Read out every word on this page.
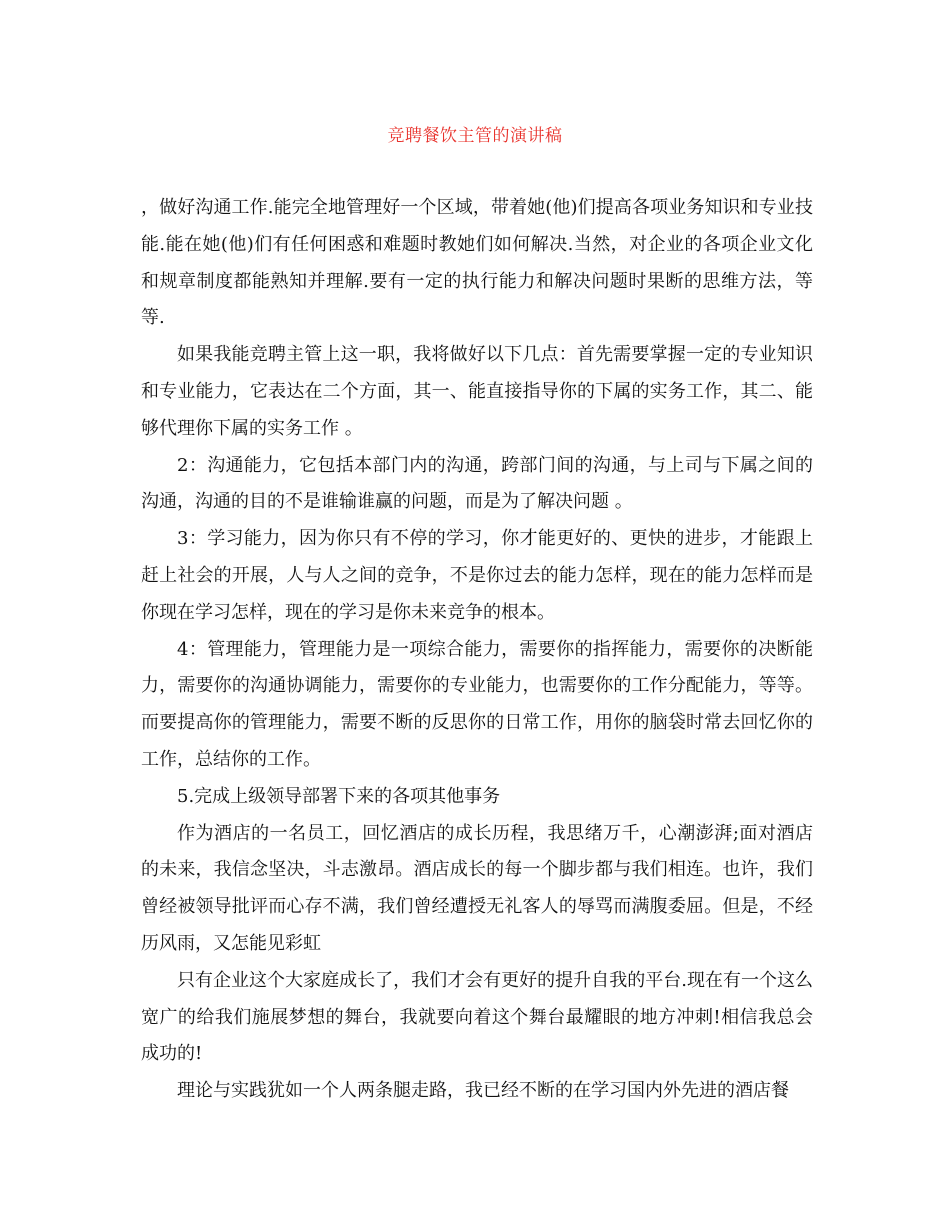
竞聘餐饮主管的演讲稿

，做好沟通工作.能完全地管理好一个区域，带着她(他)们提高各项业务知识和专业技能.能在她(他)们有任何困惑和难题时教她们如何解决.当然，对企业的各项企业文化和规章制度都能熟知并理解.要有一定的执行能力和解决问题时果断的思维方法，等等.

如果我能竞聘主管上这一职，我将做好以下几点：首先需要掌握一定的专业知识和专业能力，它表达在二个方面，其一、能直接指导你的下属的实务工作，其二、能够代理你下属的实务工作 。

2：沟通能力，它包括本部门内的沟通，跨部门间的沟通，与上司与下属之间的沟通，沟通的目的不是谁输谁赢的问题，而是为了解决问题 。

3：学习能力，因为你只有不停的学习，你才能更好的、更快的进步，才能跟上赶上社会的开展，人与人之间的竞争，不是你过去的能力怎样，现在的能力怎样而是你现在学习怎样，现在的学习是你未来竞争的根本。

4：管理能力，管理能力是一项综合能力，需要你的指挥能力，需要你的决断能力，需要你的沟通协调能力，需要你的专业能力，也需要你的工作分配能力，等等。而要提高你的管理能力，需要不断的反思你的日常工作，用你的脑袋时常去回忆你的工作，总结你的工作。

5.完成上级领导部署下来的各项其他事务

作为酒店的一名员工，回忆酒店的成长历程，我思绪万千，心潮澎湃;面对酒店的未来，我信念坚决，斗志激昂。酒店成长的每一个脚步都与我们相连。也许，我们曾经被领导批评而心存不满，我们曾经遭授无礼客人的辱骂而满腹委屈。但是，不经历风雨，又怎能见彩虹

只有企业这个大家庭成长了，我们才会有更好的提升自我的平台.现在有一个这么宽广的给我们施展梦想的舞台，我就要向着这个舞台最耀眼的地方冲刺!相信我总会成功的!

理论与实践犹如一个人两条腿走路，我已经不断的在学习国内外先进的酒店餐
